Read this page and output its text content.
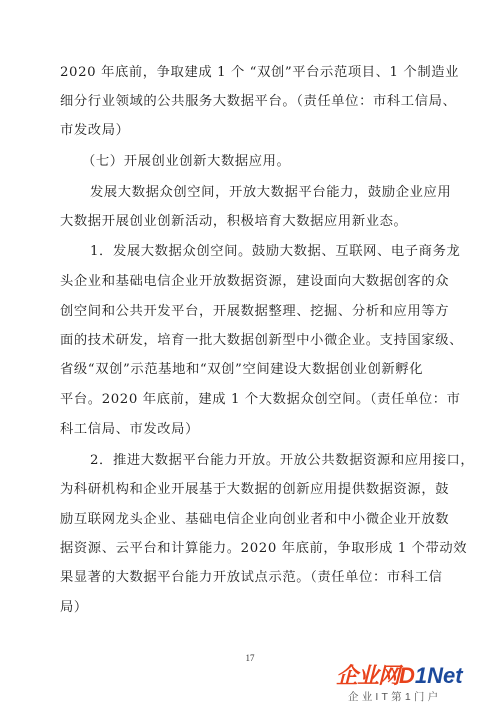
2020 年底前，争取建成 1 个 “双创”平台示范项目、1 个制造业
细分行业领域的公共服务大数据平台。（责任单位：市科工信局、
市发改局）
（七）开展创业创新大数据应用。
发展大数据众创空间，开放大数据平台能力，鼓励企业应用
大数据开展创业创新活动，积极培育大数据应用新业态。
1．发展大数据众创空间。鼓励大数据、互联网、电子商务龙
头企业和基础电信企业开放数据资源，建设面向大数据创客的众
创空间和公共开发平台，开展数据整理、挖掘、分析和应用等方
面的技术研发，培育一批大数据创新型中小微企业。支持国家级、
省级“双创”示范基地和“双创”空间建设大数据创业创新孵化
平台。2020 年底前，建成 1 个大数据众创空间。（责任单位：市
科工信局、市发改局）
2．推进大数据平台能力开放。开放公共数据资源和应用接口，
为科研机构和企业开展基于大数据的创新应用提供数据资源，鼓
励互联网龙头企业、基础电信企业向创业者和中小微企业开放数
据资源、云平台和计算能力。2020 年底前，争取形成 1 个带动效
果显著的大数据平台能力开放试点示范。（责任单位：市科工信
局）
17
企业网D1Net
企业IT第1门户
